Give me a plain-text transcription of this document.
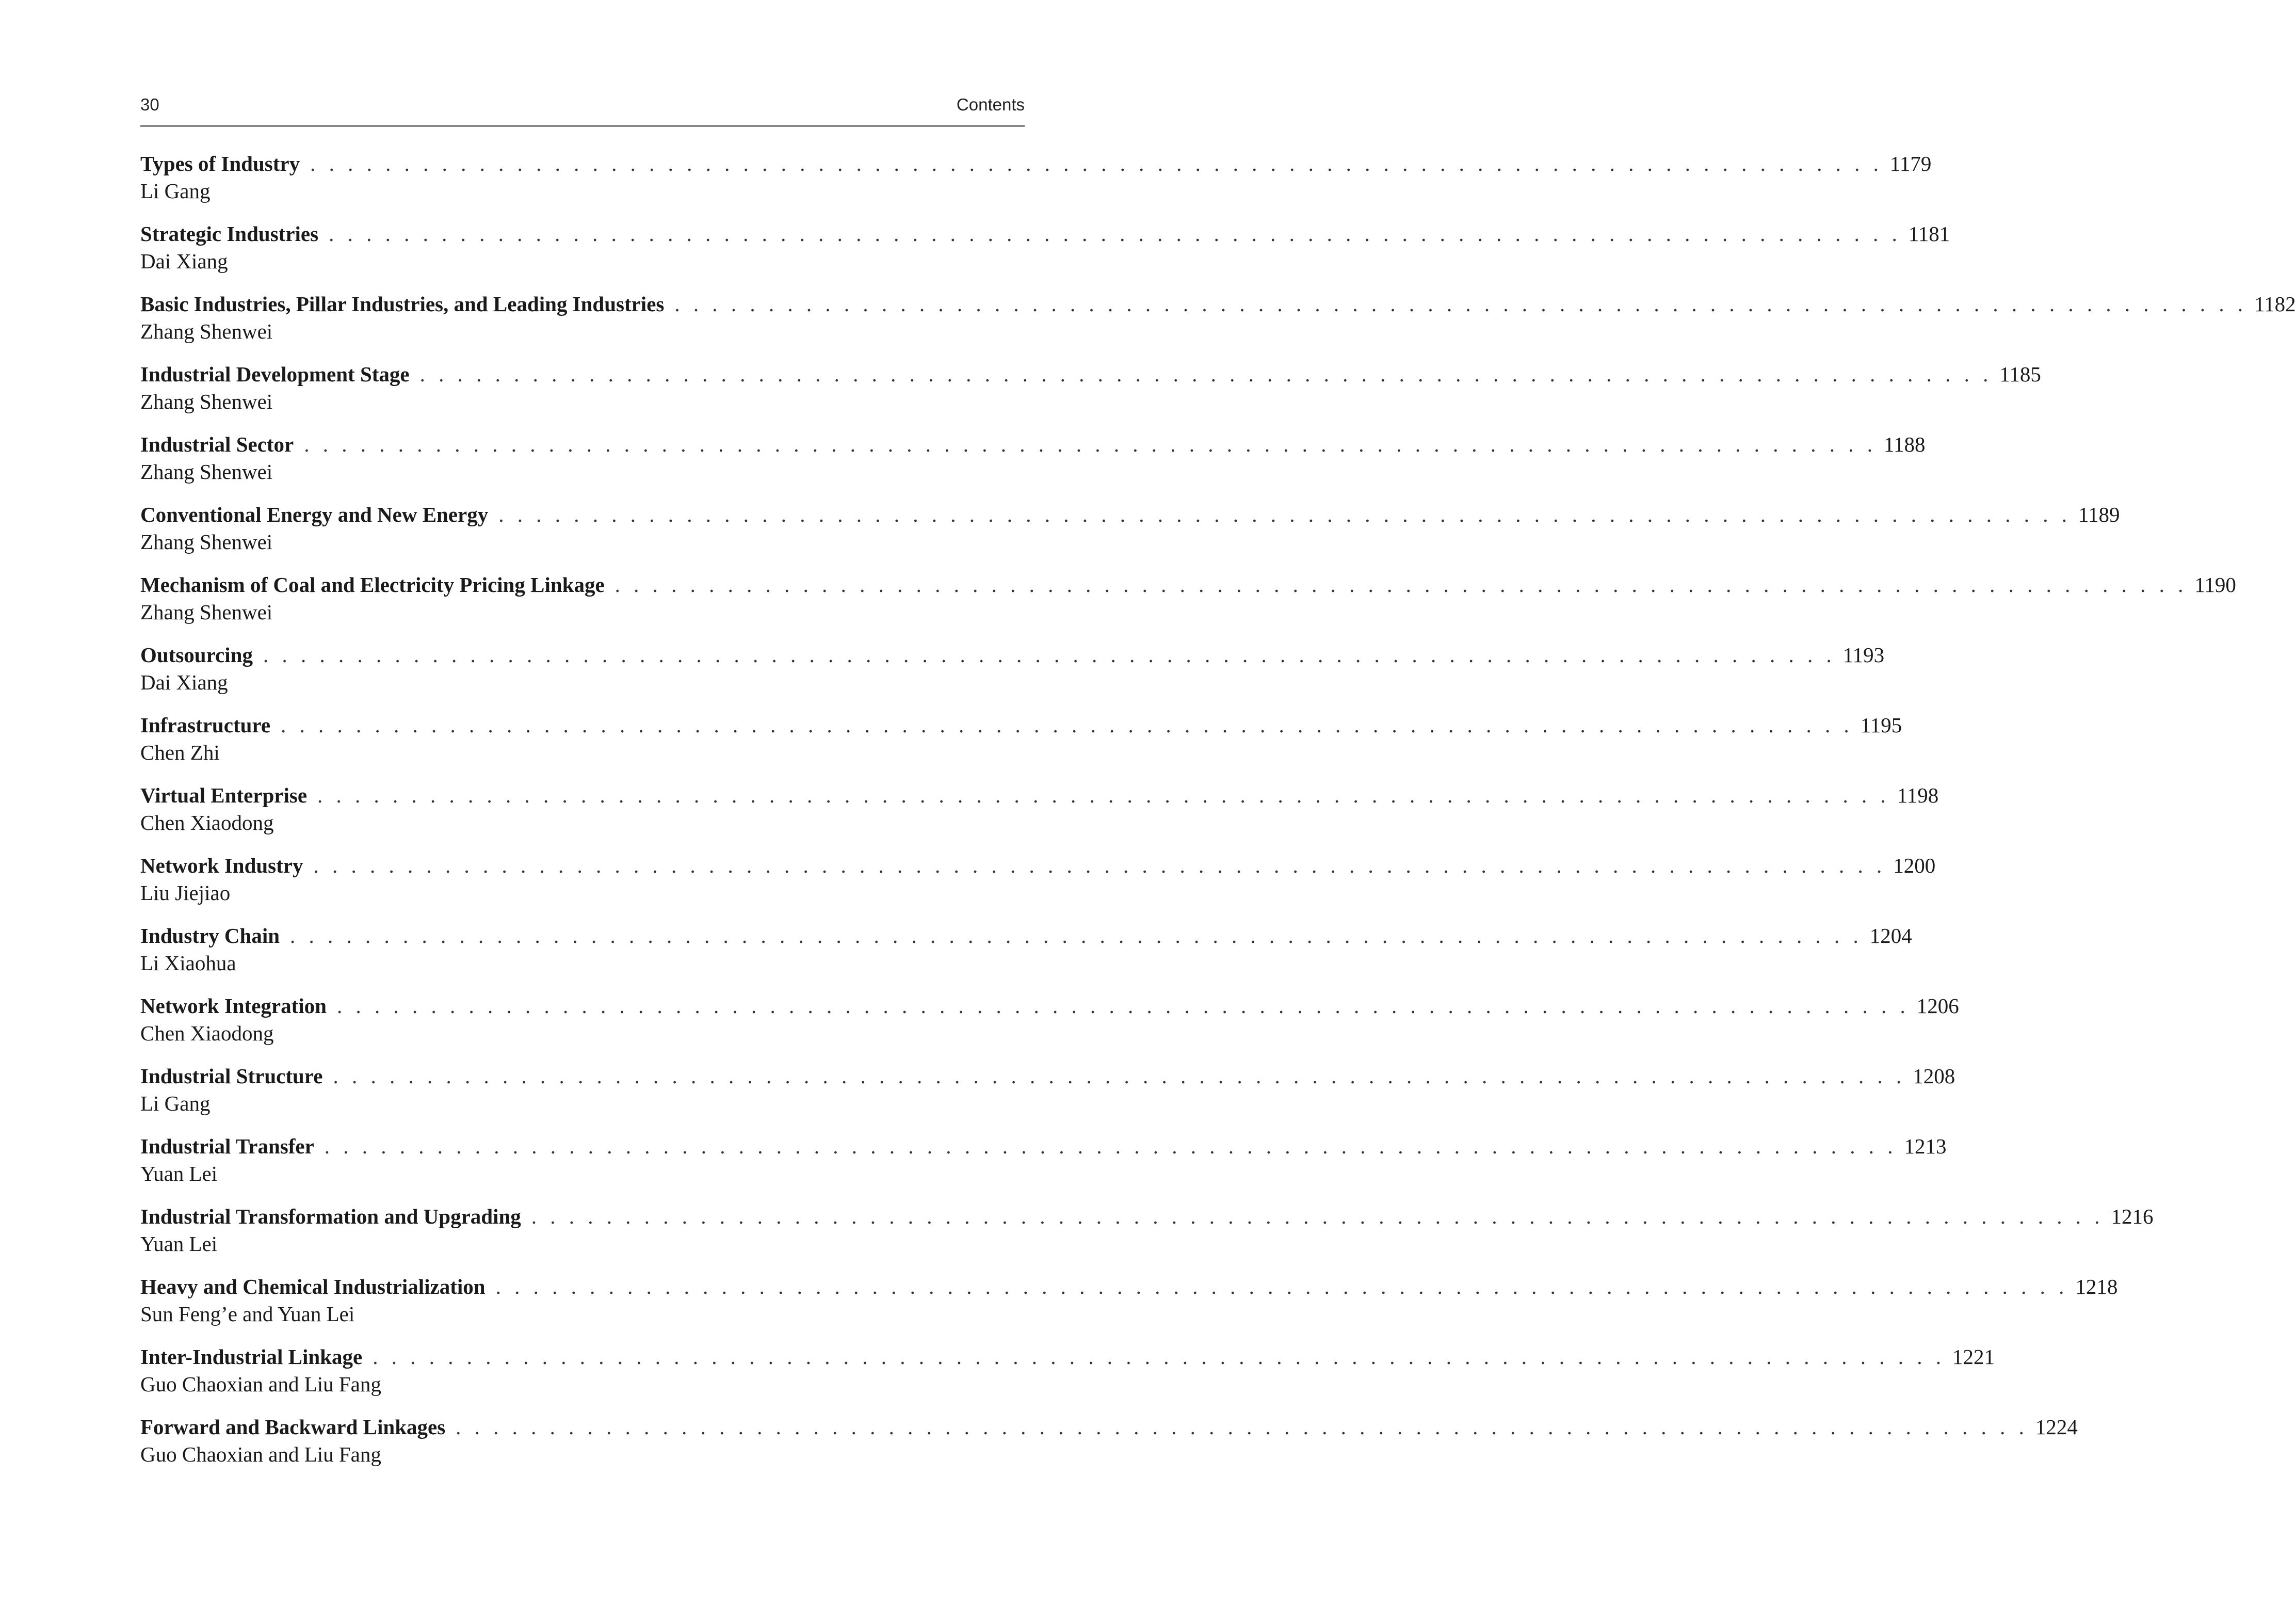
30	Contents
Types of Industry . . . . . . . . . . . . . . . . . . . . . . . . . . . . . . . . . . . . . . . . . . . . . . . . . . . . . . . . . . . . . . . . . . . . . . . . . . . . . . . . . . . . 1179
Li Gang
Strategic Industries . . . . . . . . . . . . . . . . . . . . . . . . . . . . . . . . . . . . . . . . . . . . . . . . . . . . . . . . . . . . . . . . . . . . . . . . . . . . . . . . . . . . 1181
Dai Xiang
Basic Industries, Pillar Industries, and Leading Industries . . . . . . . . . . . . . . . . . . . . . . . . . . . . . . . . . . . . . . . . . . . . . . . . . . . . . . . . . . . . . . . . . . . . . . . . . . . . . . . . . . . . 1182
Zhang Shenwei
Industrial Development Stage . . . . . . . . . . . . . . . . . . . . . . . . . . . . . . . . . . . . . . . . . . . . . . . . . . . . . . . . . . . . . . . . . . . . . . . . . . . . . . . . . . . . 1185
Zhang Shenwei
Industrial Sector . . . . . . . . . . . . . . . . . . . . . . . . . . . . . . . . . . . . . . . . . . . . . . . . . . . . . . . . . . . . . . . . . . . . . . . . . . . . . . . . . . . . 1188
Zhang Shenwei
Conventional Energy and New Energy . . . . . . . . . . . . . . . . . . . . . . . . . . . . . . . . . . . . . . . . . . . . . . . . . . . . . . . . . . . . . . . . . . . . . . . . . . . . . . . . . . . . 1189
Zhang Shenwei
Mechanism of Coal and Electricity Pricing Linkage . . . . . . . . . . . . . . . . . . . . . . . . . . . . . . . . . . . . . . . . . . . . . . . . . . . . . . . . . . . . . . . . . . . . . . . . . . . . . . . . . . . . 1190
Zhang Shenwei
Outsourcing . . . . . . . . . . . . . . . . . . . . . . . . . . . . . . . . . . . . . . . . . . . . . . . . . . . . . . . . . . . . . . . . . . . . . . . . . . . . . . . . . . . . 1193
Dai Xiang
Infrastructure . . . . . . . . . . . . . . . . . . . . . . . . . . . . . . . . . . . . . . . . . . . . . . . . . . . . . . . . . . . . . . . . . . . . . . . . . . . . . . . . . . . . 1195
Chen Zhi
Virtual Enterprise . . . . . . . . . . . . . . . . . . . . . . . . . . . . . . . . . . . . . . . . . . . . . . . . . . . . . . . . . . . . . . . . . . . . . . . . . . . . . . . . . . . . 1198
Chen Xiaodong
Network Industry . . . . . . . . . . . . . . . . . . . . . . . . . . . . . . . . . . . . . . . . . . . . . . . . . . . . . . . . . . . . . . . . . . . . . . . . . . . . . . . . . . . . 1200
Liu Jiejiao
Industry Chain . . . . . . . . . . . . . . . . . . . . . . . . . . . . . . . . . . . . . . . . . . . . . . . . . . . . . . . . . . . . . . . . . . . . . . . . . . . . . . . . . . . . 1204
Li Xiaohua
Network Integration . . . . . . . . . . . . . . . . . . . . . . . . . . . . . . . . . . . . . . . . . . . . . . . . . . . . . . . . . . . . . . . . . . . . . . . . . . . . . . . . . . . . 1206
Chen Xiaodong
Industrial Structure . . . . . . . . . . . . . . . . . . . . . . . . . . . . . . . . . . . . . . . . . . . . . . . . . . . . . . . . . . . . . . . . . . . . . . . . . . . . . . . . . . . . 1208
Li Gang
Industrial Transfer . . . . . . . . . . . . . . . . . . . . . . . . . . . . . . . . . . . . . . . . . . . . . . . . . . . . . . . . . . . . . . . . . . . . . . . . . . . . . . . . . . . . 1213
Yuan Lei
Industrial Transformation and Upgrading . . . . . . . . . . . . . . . . . . . . . . . . . . . . . . . . . . . . . . . . . . . . . . . . . . . . . . . . . . . . . . . . . . . . . . . . . . . . . . . . . . . . 1216
Yuan Lei
Heavy and Chemical Industrialization . . . . . . . . . . . . . . . . . . . . . . . . . . . . . . . . . . . . . . . . . . . . . . . . . . . . . . . . . . . . . . . . . . . . . . . . . . . . . . . . . . . . 1218
Sun Feng’e and Yuan Lei
Inter-Industrial Linkage . . . . . . . . . . . . . . . . . . . . . . . . . . . . . . . . . . . . . . . . . . . . . . . . . . . . . . . . . . . . . . . . . . . . . . . . . . . . . . . . . . . . 1221
Guo Chaoxian and Liu Fang
Forward and Backward Linkages . . . . . . . . . . . . . . . . . . . . . . . . . . . . . . . . . . . . . . . . . . . . . . . . . . . . . . . . . . . . . . . . . . . . . . . . . . . . . . . . . . . . 1224
Guo Chaoxian and Liu Fang
